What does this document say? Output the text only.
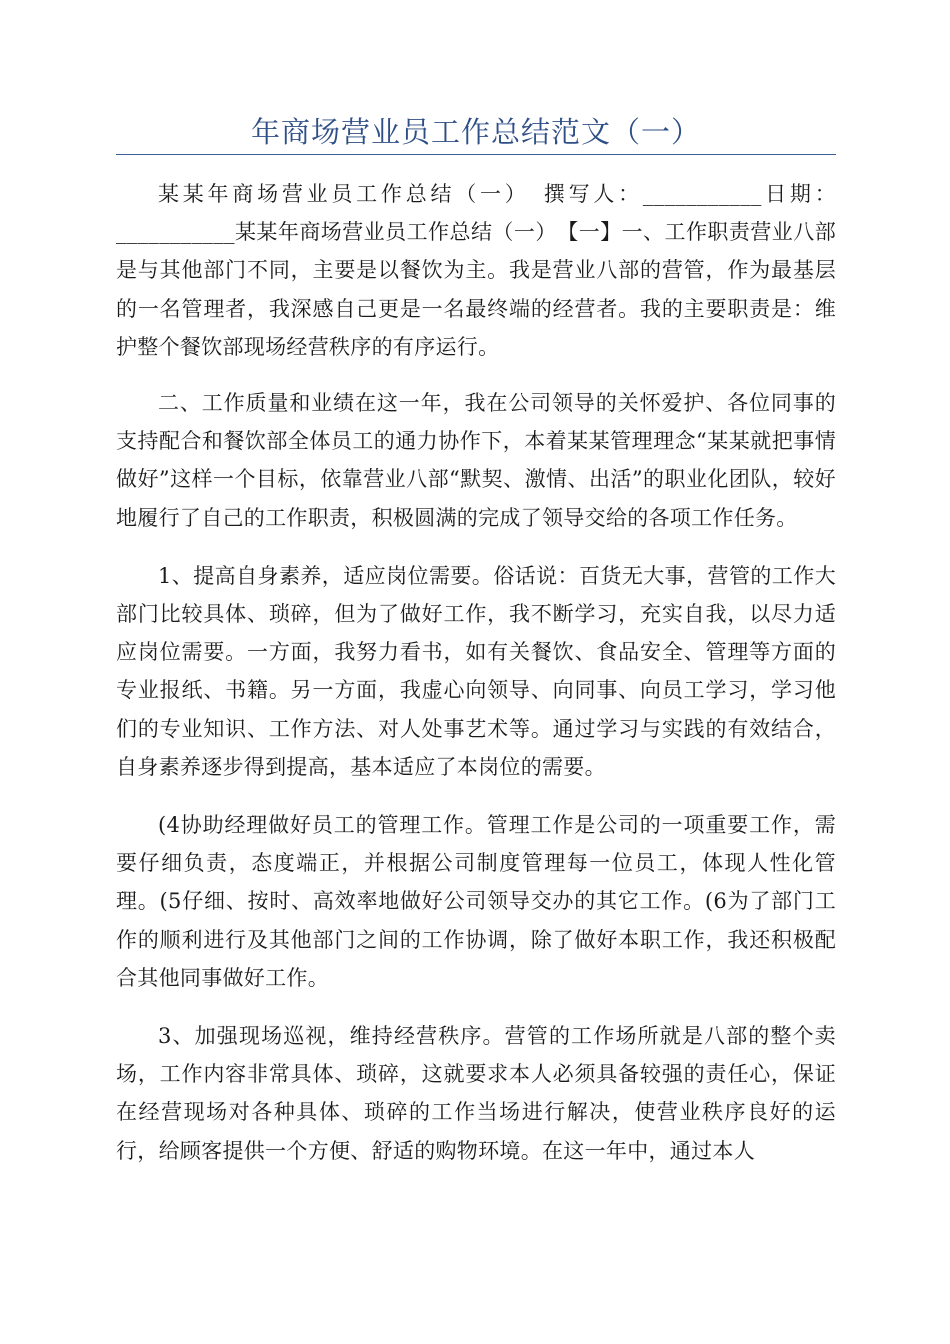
年商场营业员工作总结范文（一）

某某年商场营业员工作总结（一）　撰写人：___________日期：___________某某年商场营业员工作总结（一）　【一】一、工作职责营业八部是与其他部门不同，主要是以餐饮为主。我是营业八部的营管，作为最基层的一名管理者，我深感自己更是一名最终端的经营者。我的主要职责是：维护整个餐饮部现场经营秩序的有序运行。

二、工作质量和业绩在这一年，我在公司领导的关怀爱护、各位同事的支持配合和餐饮部全体员工的通力协作下，本着某某管理理念“某某就把事情做好”这样一个目标，依靠营业八部“默契、激情、出活”的职业化团队，较好地履行了自己的工作职责，积极圆满的完成了领导交给的各项工作任务。

1、提高自身素养，适应岗位需要。俗话说：百货无大事，营管的工作大部门比较具体、琐碎，但为了做好工作，我不断学习，充实自我，以尽力适应岗位需要。一方面，我努力看书，如有关餐饮、食品安全、管理等方面的专业报纸、书籍。另一方面，我虚心向领导、向同事、向员工学习，学习他们的专业知识、工作方法、对人处事艺术等。通过学习与实践的有效结合，自身素养逐步得到提高，基本适应了本岗位的需要。

(4协助经理做好员工的管理工作。管理工作是公司的一项重要工作，需要仔细负责，态度端正，并根据公司制度管理每一位员工，体现人性化管理。(5仔细、按时、高效率地做好公司领导交办的其它工作。(6为了部门工作的顺利进行及其他部门之间的工作协调，除了做好本职工作，我还积极配合其他同事做好工作。

3、加强现场巡视，维持经营秩序。营管的工作场所就是八部的整个卖场，工作内容非常具体、琐碎，这就要求本人必须具备较强的责任心，保证在经营现场对各种具体、琐碎的工作当场进行解决，使营业秩序良好的运行，给顾客提供一个方便、舒适的购物环境。在这一年中，通过本人
